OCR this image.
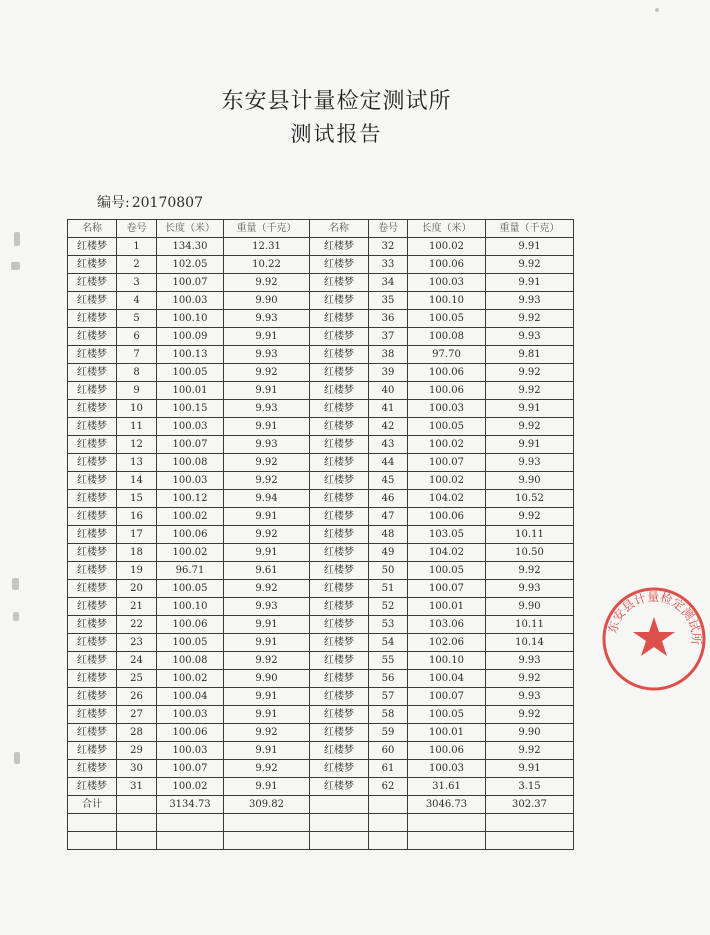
东安县计量检定测试所
测试报告
编号: 20170807
名称	卷号	长度（米）	重量（千克）	名称	卷号	长度（米）	重量（千克）
红楼梦	1	134.30	12.31	红楼梦	32	100.02	9.91
红楼梦	2	102.05	10.22	红楼梦	33	100.06	9.92
红楼梦	3	100.07	9.92	红楼梦	34	100.03	9.91
红楼梦	4	100.03	9.90	红楼梦	35	100.10	9.93
红楼梦	5	100.10	9.93	红楼梦	36	100.05	9.92
红楼梦	6	100.09	9.91	红楼梦	37	100.08	9.93
红楼梦	7	100.13	9.93	红楼梦	38	97.70	9.81
红楼梦	8	100.05	9.92	红楼梦	39	100.06	9.92
红楼梦	9	100.01	9.91	红楼梦	40	100.06	9.92
红楼梦	10	100.15	9.93	红楼梦	41	100.03	9.91
红楼梦	11	100.03	9.91	红楼梦	42	100.05	9.92
红楼梦	12	100.07	9.93	红楼梦	43	100.02	9.91
红楼梦	13	100.08	9.92	红楼梦	44	100.07	9.93
红楼梦	14	100.03	9.92	红楼梦	45	100.02	9.90
红楼梦	15	100.12	9.94	红楼梦	46	104.02	10.52
红楼梦	16	100.02	9.91	红楼梦	47	100.06	9.92
红楼梦	17	100.06	9.92	红楼梦	48	103.05	10.11
红楼梦	18	100.02	9.91	红楼梦	49	104.02	10.50
红楼梦	19	96.71	9.61	红楼梦	50	100.05	9.92
红楼梦	20	100.05	9.92	红楼梦	51	100.07	9.93
红楼梦	21	100.10	9.93	红楼梦	52	100.01	9.90
红楼梦	22	100.06	9.91	红楼梦	53	103.06	10.11
红楼梦	23	100.05	9.91	红楼梦	54	102.06	10.14
红楼梦	24	100.08	9.92	红楼梦	55	100.10	9.93
红楼梦	25	100.02	9.90	红楼梦	56	100.04	9.92
红楼梦	26	100.04	9.91	红楼梦	57	100.07	9.93
红楼梦	27	100.03	9.91	红楼梦	58	100.05	9.92
红楼梦	28	100.06	9.92	红楼梦	59	100.01	9.90
红楼梦	29	100.03	9.91	红楼梦	60	100.06	9.92
红楼梦	30	100.07	9.92	红楼梦	61	100.03	9.91
红楼梦	31	100.02	9.91	红楼梦	62	31.61	3.15
合计		3134.73	309.82			3046.73	302.37

东安县计量检定测试所
